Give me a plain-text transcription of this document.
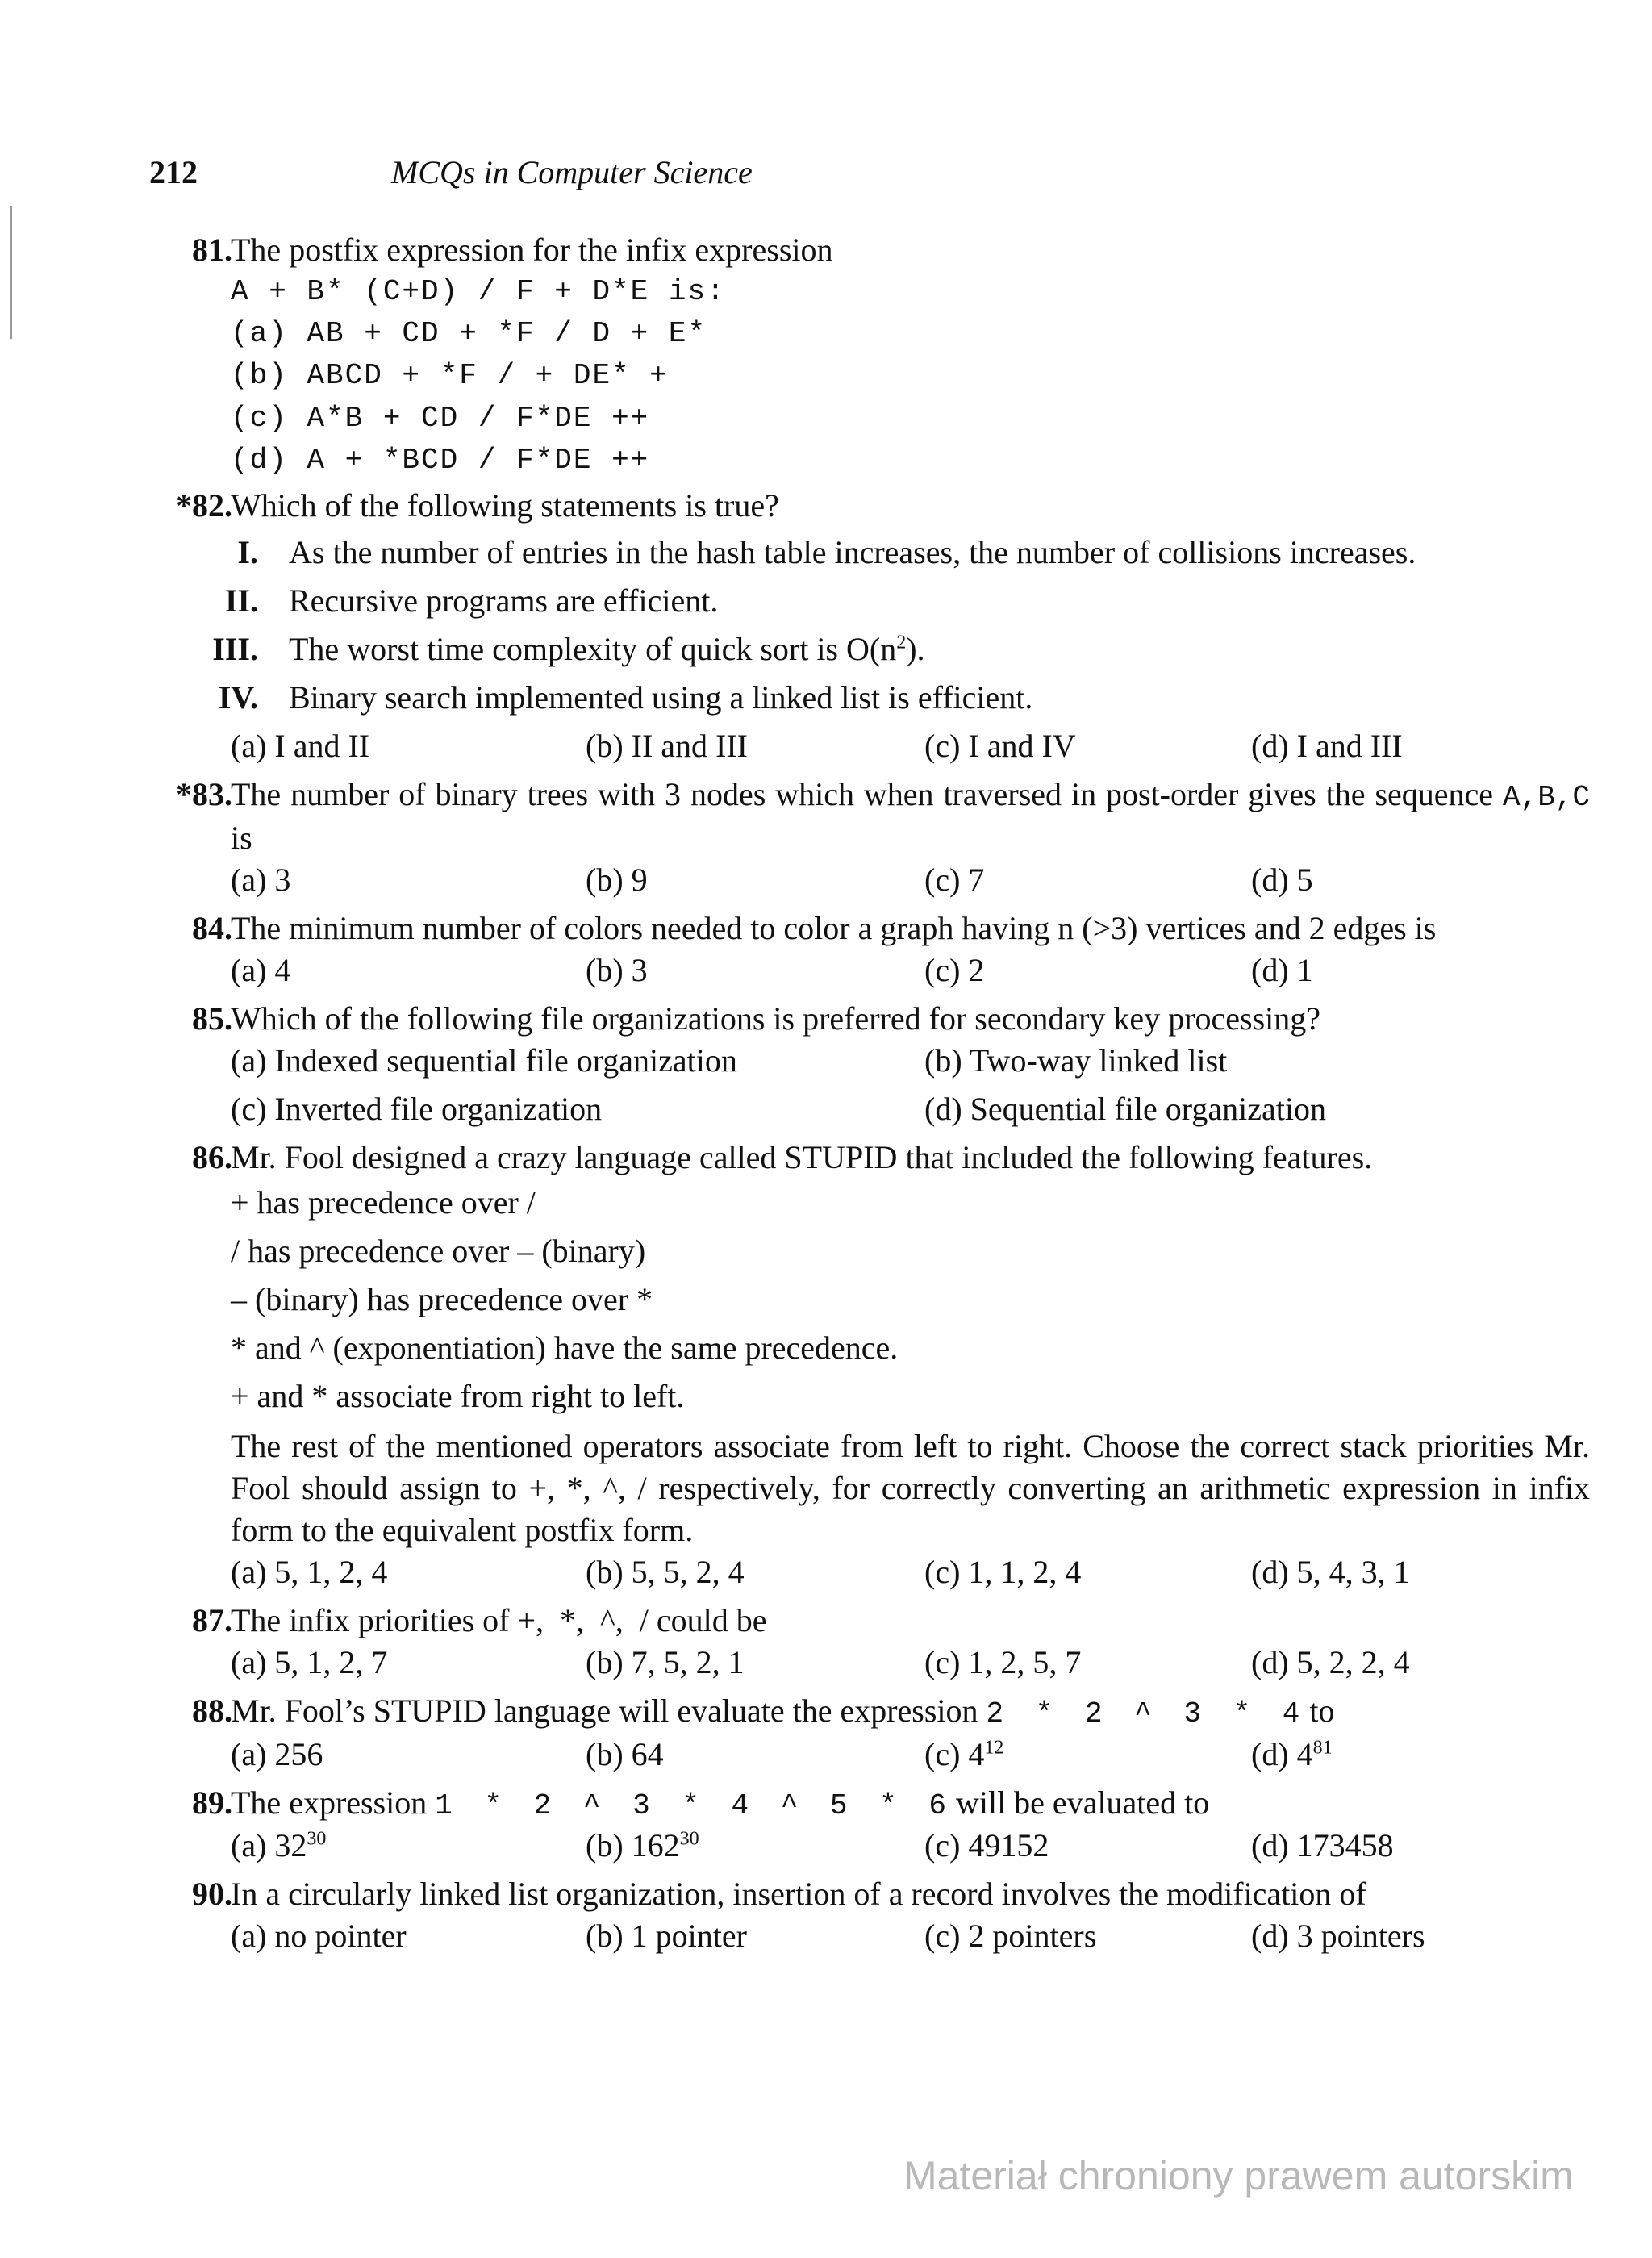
212	MCQs in Computer Science
81.
The postfix expression for the infix expression
A + B* (C+D) / F + D*E is:
(a) AB + CD + *F / D + E*
(b) ABCD + *F / + DE* +
(c) A*B + CD / F*DE ++
(d) A + *BCD / F*DE ++
*82.
Which of the following statements is true?
I. As the number of entries in the hash table increases, the number of collisions increases.
II. Recursive programs are efficient.
III. The worst time complexity of quick sort is $O(n^2)$.
IV. Binary search implemented using a linked list is efficient.
(a) I and II	(b) II and III	(c) I and IV	(d) I and III
*83.
The number of binary trees with 3 nodes which when traversed in post-order gives the sequence A,B,C is
(a) 3	(b) 9	(c) 7	(d) 5
84.
The minimum number of colors needed to color a graph having n (>3) vertices and 2 edges is
(a) 4	(b) 3	(c) 2	(d) 1
85.
Which of the following file organizations is preferred for secondary key processing?
(a) Indexed sequential file organization	(b) Two-way linked list
(c) Inverted file organization	(d) Sequential file organization
86.
Mr. Fool designed a crazy language called STUPID that included the following features.
+ has precedence over /
/ has precedence over – (binary)
– (binary) has precedence over *
* and ^ (exponentiation) have the same precedence.
+ and * associate from right to left.
The rest of the mentioned operators associate from left to right. Choose the correct stack priorities Mr. Fool should assign to +, *, ^, / respectively, for correctly converting an arithmetic expression in infix form to the equivalent postfix form.
(a) 5, 1, 2, 4	(b) 5, 5, 2, 4	(c) 1, 1, 2, 4	(d) 5, 4, 3, 1
87.
The infix priorities of +,  *,  ^,  / could be
(a) 5, 1, 2, 7	(b) 7, 5, 2, 1	(c) 1, 2, 5, 7	(d) 5, 2, 2, 4
88.
Mr. Fool’s STUPID language will evaluate the expression 2 * 2 ^ 3 * 4 to
(a) 256	(b) 64	(c) $4^{12}$	(d) $4^{81}$
89.
The expression 1 * 2 ^ 3 * 4 ^ 5 * 6 will be evaluated to
(a) $32^{30}$	(b) $162^{30}$	(c) 49152	(d) 173458
90.
In a circularly linked list organization, insertion of a record involves the modification of
(a) no pointer	(b) 1 pointer	(c) 2 pointers	(d) 3 pointers
Materiał chroniony prawem autorskim
